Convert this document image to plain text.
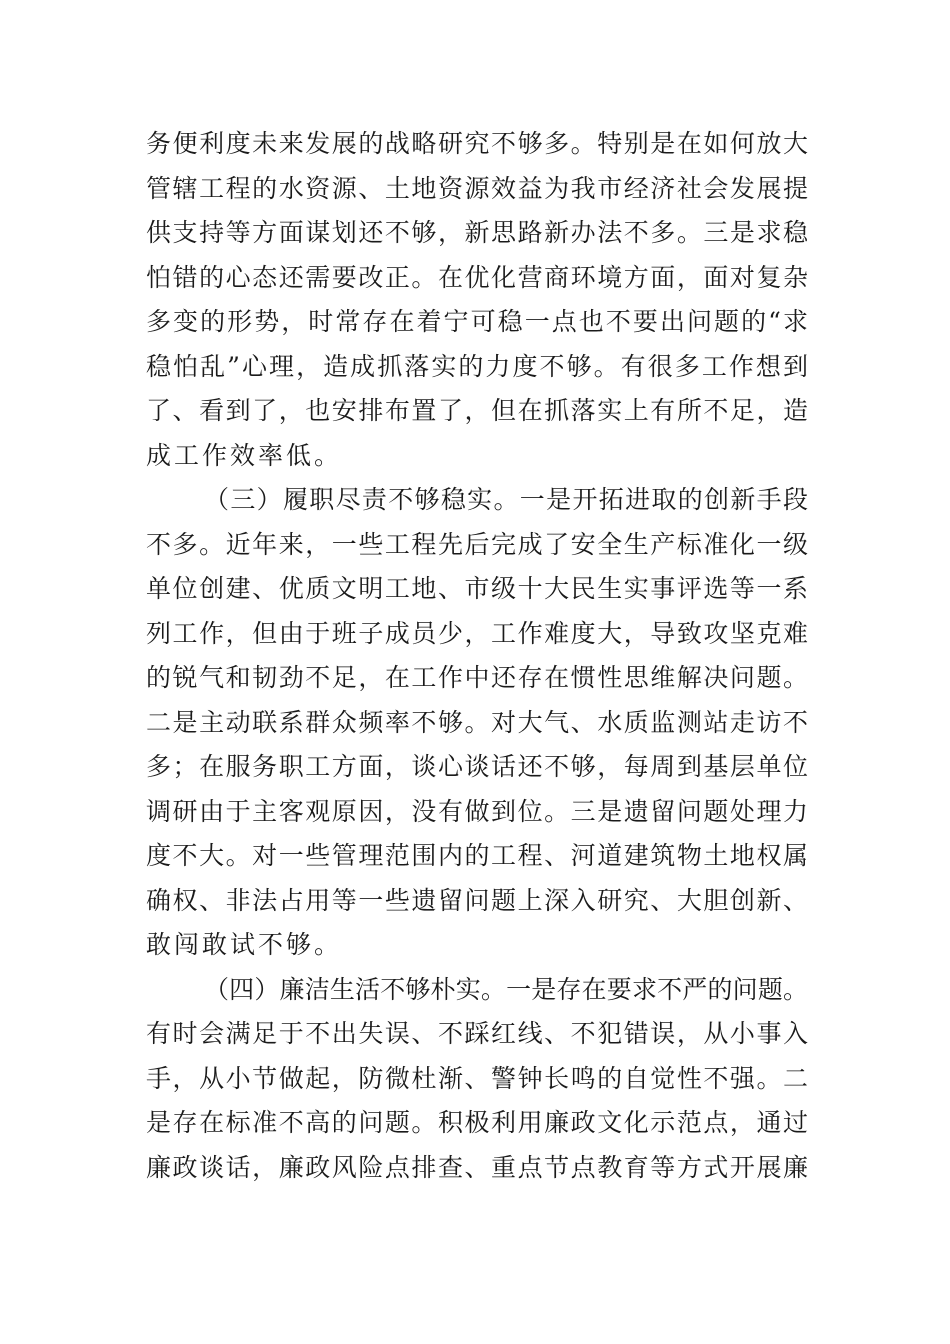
务便利度未来发展的战略研究不够多。特别是在如何放大
管辖工程的水资源、土地资源效益为我市经济社会发展提
供支持等方面谋划还不够，新思路新办法不多。三是求稳
怕错的心态还需要改正。在优化营商环境方面，面对复杂
多变的形势，时常存在着宁可稳一点也不要出问题的“求
稳怕乱”心理，造成抓落实的力度不够。有很多工作想到
了、看到了，也安排布置了，但在抓落实上有所不足，造
成工作效率低。
（三）履职尽责不够稳实。一是开拓进取的创新手段
不多。近年来，一些工程先后完成了安全生产标准化一级
单位创建、优质文明工地、市级十大民生实事评选等一系
列工作，但由于班子成员少，工作难度大，导致攻坚克难
的锐气和韧劲不足，在工作中还存在惯性思维解决问题。
二是主动联系群众频率不够。对大气、水质监测站走访不
多；在服务职工方面，谈心谈话还不够，每周到基层单位
调研由于主客观原因，没有做到位。三是遗留问题处理力
度不大。对一些管理范围内的工程、河道建筑物土地权属
确权、非法占用等一些遗留问题上深入研究、大胆创新、
敢闯敢试不够。
（四）廉洁生活不够朴实。一是存在要求不严的问题。
有时会满足于不出失误、不踩红线、不犯错误，从小事入
手，从小节做起，防微杜渐、警钟长鸣的自觉性不强。二
是存在标准不高的问题。积极利用廉政文化示范点，通过
廉政谈话，廉政风险点排查、重点节点教育等方式开展廉
